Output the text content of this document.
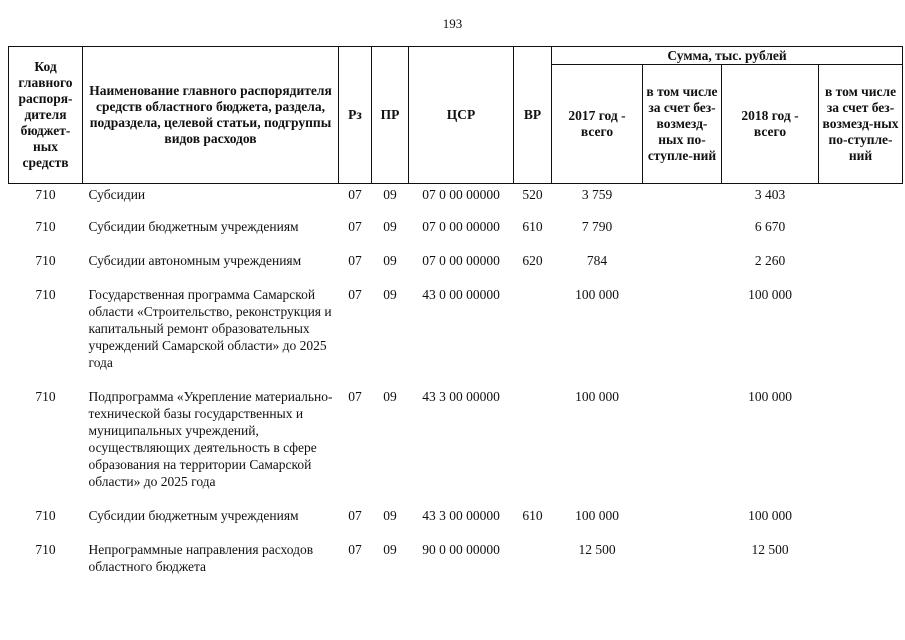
193
Код главного распоря-дителя бюджет-ных средств	Наименование главного распорядителя средств областного бюджета, раздела, подраздела, целевой статьи, подгруппы видов расходов	Рз	ПР	ЦСР	ВР	Сумма, тыс. рублей			
						2017 год - всего	в том числе за счет без-возмезд-ных по-ступле-ний	2018 год - всего	в том числе за счет без-возмезд-ных по-ступле-ний
710	Субсидии	07	09	07 0 00 00000	520	3 759		3 403	
710	Субсидии бюджетным учреждениям	07	09	07 0 00 00000	610	7 790		6 670	
710	Субсидии автономным учреждениям	07	09	07 0 00 00000	620	784		2 260	
710	Государственная программа Самарской области «Строительство, реконструкция и капитальный ремонт образовательных учреждений Самарской области» до 2025 года	07	09	43 0 00 00000		100 000		100 000	
710	Подпрограмма «Укрепление материально-технической базы государственных и муниципальных учреждений, осуществляющих деятельность в сфере образования на территории Самарской области» до 2025 года	07	09	43 3 00 00000		100 000		100 000	
710	Субсидии бюджетным учреждениям	07	09	43 3 00 00000	610	100 000		100 000	
710	Непрограммные направления расходов областного бюджета	07	09	90 0 00 00000		12 500		12 500	
